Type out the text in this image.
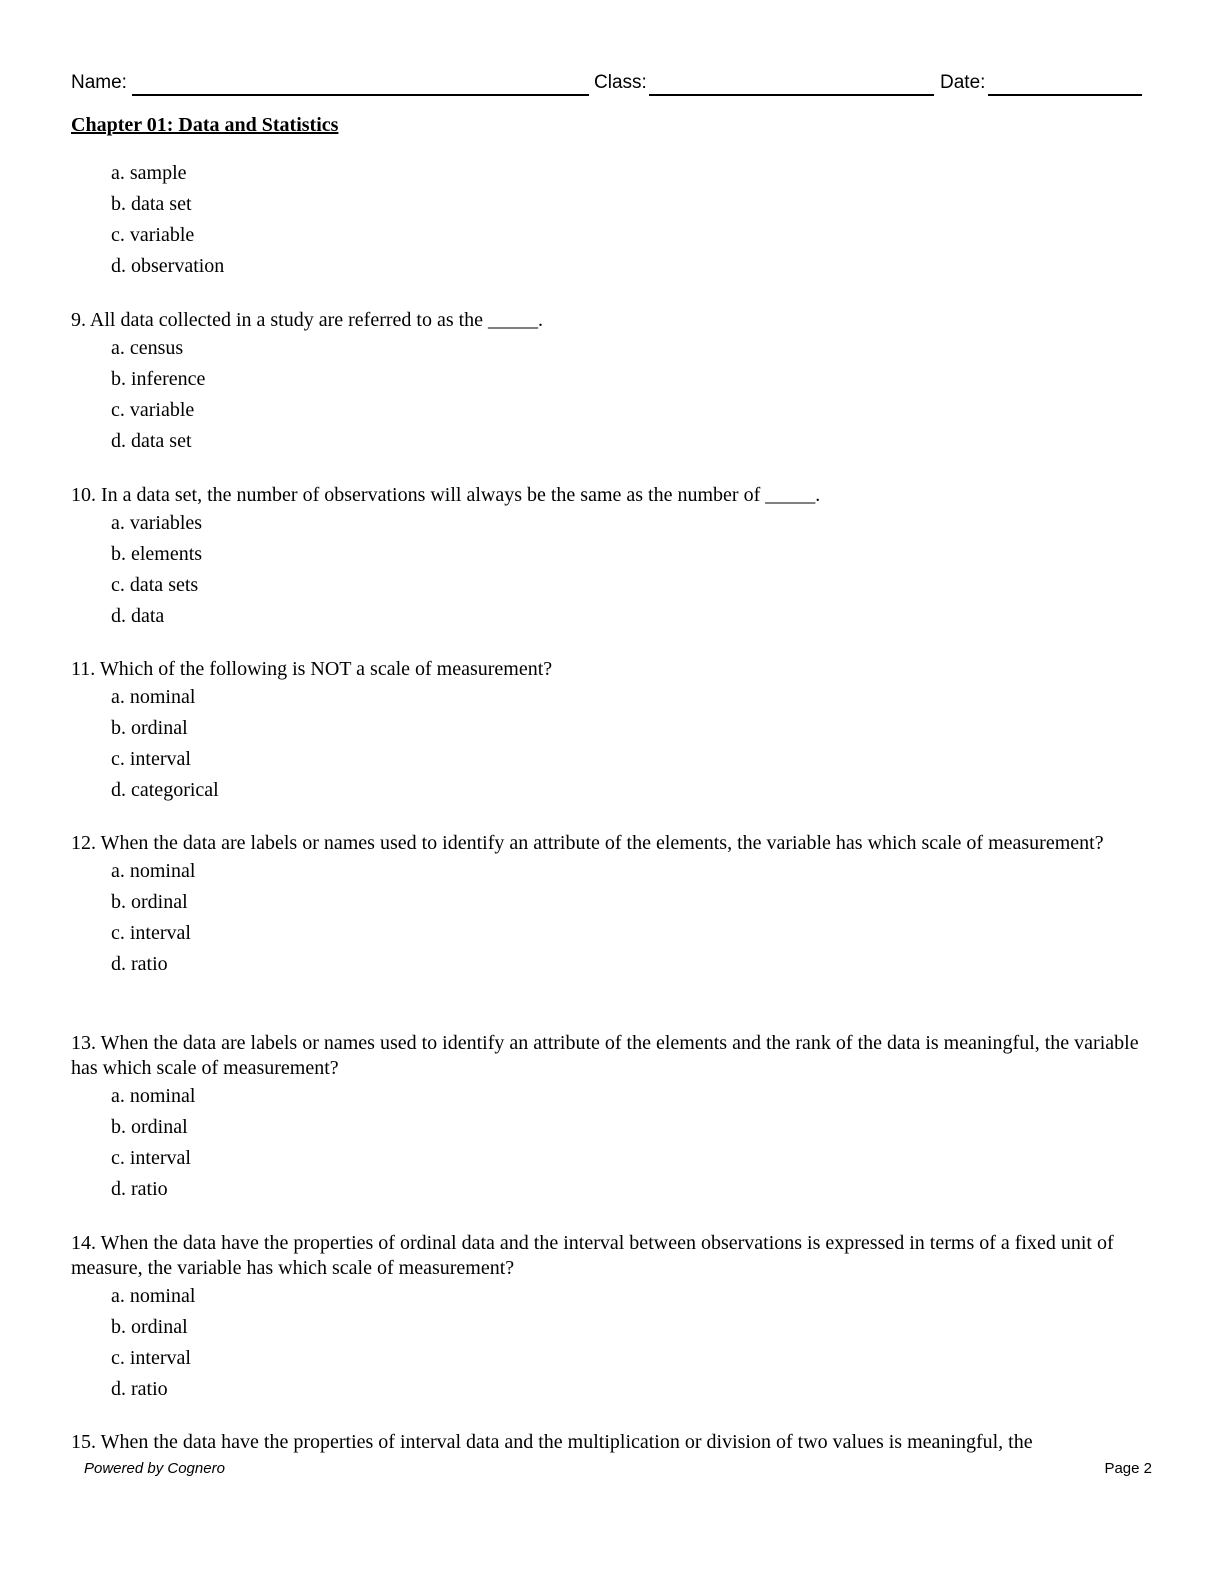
Name:	Class:	Date:
Chapter 01: Data and Statistics
a. sample
b. data set
c. variable
d. observation

9. All data collected in a study are referred to as the _____.

a. census
b. inference
c. variable
d. data set

10. In a data set, the number of observations will always be the same as the number of _____.

a. variables
b. elements
c. data sets
d. data

11. Which of the following is NOT a scale of measurement?

a. nominal
b. ordinal
c. interval
d. categorical

12. When the data are labels or names used to identify an attribute of the elements, the variable has which scale of measurement?

a. nominal
b. ordinal
c. interval
d. ratio

13. When the data are labels or names used to identify an attribute of the elements and the rank of the data is meaningful, the variable has which scale of measurement?

a. nominal
b. ordinal
c. interval
d. ratio

14. When the data have the properties of ordinal data and the interval between observations is expressed in terms of a fixed unit of measure, the variable has which scale of measurement?

a. nominal
b. ordinal
c. interval
d. ratio

15. When the data have the properties of interval data and the multiplication or division of two values is meaningful, the

Powered by Cognero	Page 2
